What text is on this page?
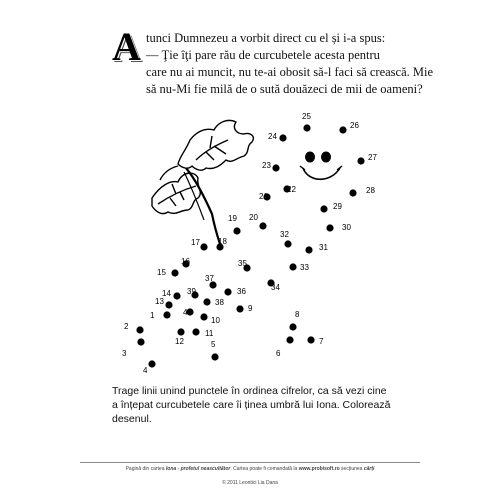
A tunci Dumnezeu a vorbit direct cu el și i-a spus:
— Ţie îţi pare rău de curcubetele acesta pentru
care nu ai muncit, nu te-ai obosit să-l faci să crească. Mie
să nu-Mi fie milă de o sută douăzeci de mii de oameni?
1
2
3
4
5
6
7
8
9
10
11
12
13
14
15
16
17 18
19 20
21
22
23
24
25
26
27
28
29
30
31
32
33
34
35
36
37
38
39
40
Trage linii unind punctele în ordinea cifrelor, ca să vezi cine
a înțepat curcubetele care îi ținea umbră lui Iona. Colorează
desenul.
Pagină din cartea Iona - profetul neascultător. Cartea poate fi comandată la www.probisoft.ro secțiunea cărți
© 2011 Leontici Lia Dana
